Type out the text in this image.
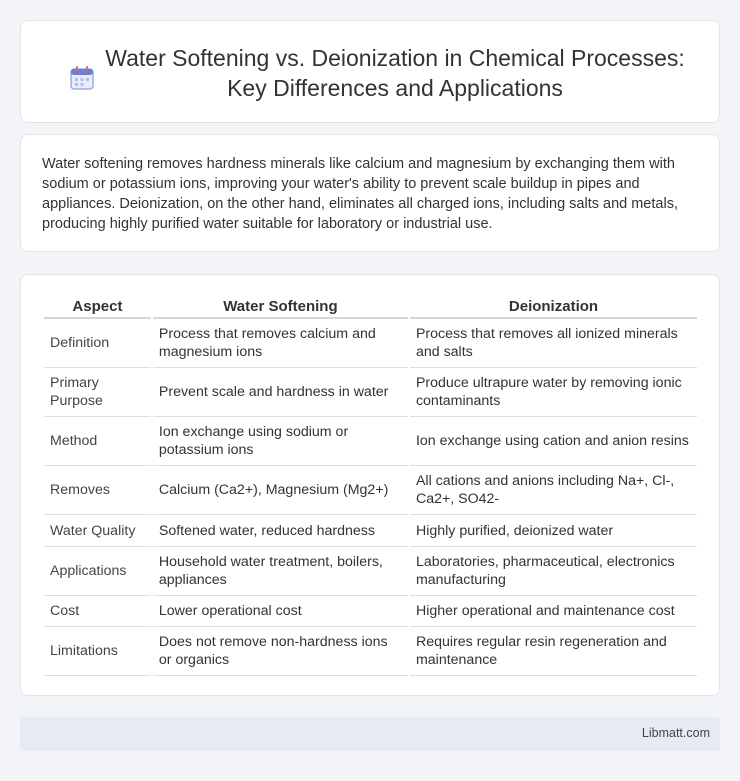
Water Softening vs. Deionization in Chemical Processes: Key Differences and Applications

Water softening removes hardness minerals like calcium and magnesium by exchanging them with sodium or potassium ions, improving your water's ability to prevent scale buildup in pipes and appliances. Deionization, on the other hand, eliminates all charged ions, including salts and metals, producing highly purified water suitable for laboratory or industrial use.

Aspect	Water Softening	Deionization
Definition	Process that removes calcium and magnesium ions	Process that removes all ionized minerals and salts
Primary Purpose	Prevent scale and hardness in water	Produce ultrapure water by removing ionic contaminants
Method	Ion exchange using sodium or potassium ions	Ion exchange using cation and anion resins
Removes	Calcium (Ca2+), Magnesium (Mg2+)	All cations and anions including Na+, Cl-, Ca2+, SO42-
Water Quality	Softened water, reduced hardness	Highly purified, deionized water
Applications	Household water treatment, boilers, appliances	Laboratories, pharmaceutical, electronics manufacturing
Cost	Lower operational cost	Higher operational and maintenance cost
Limitations	Does not remove non-hardness ions or organics	Requires regular resin regeneration and maintenance
Libmatt.com
